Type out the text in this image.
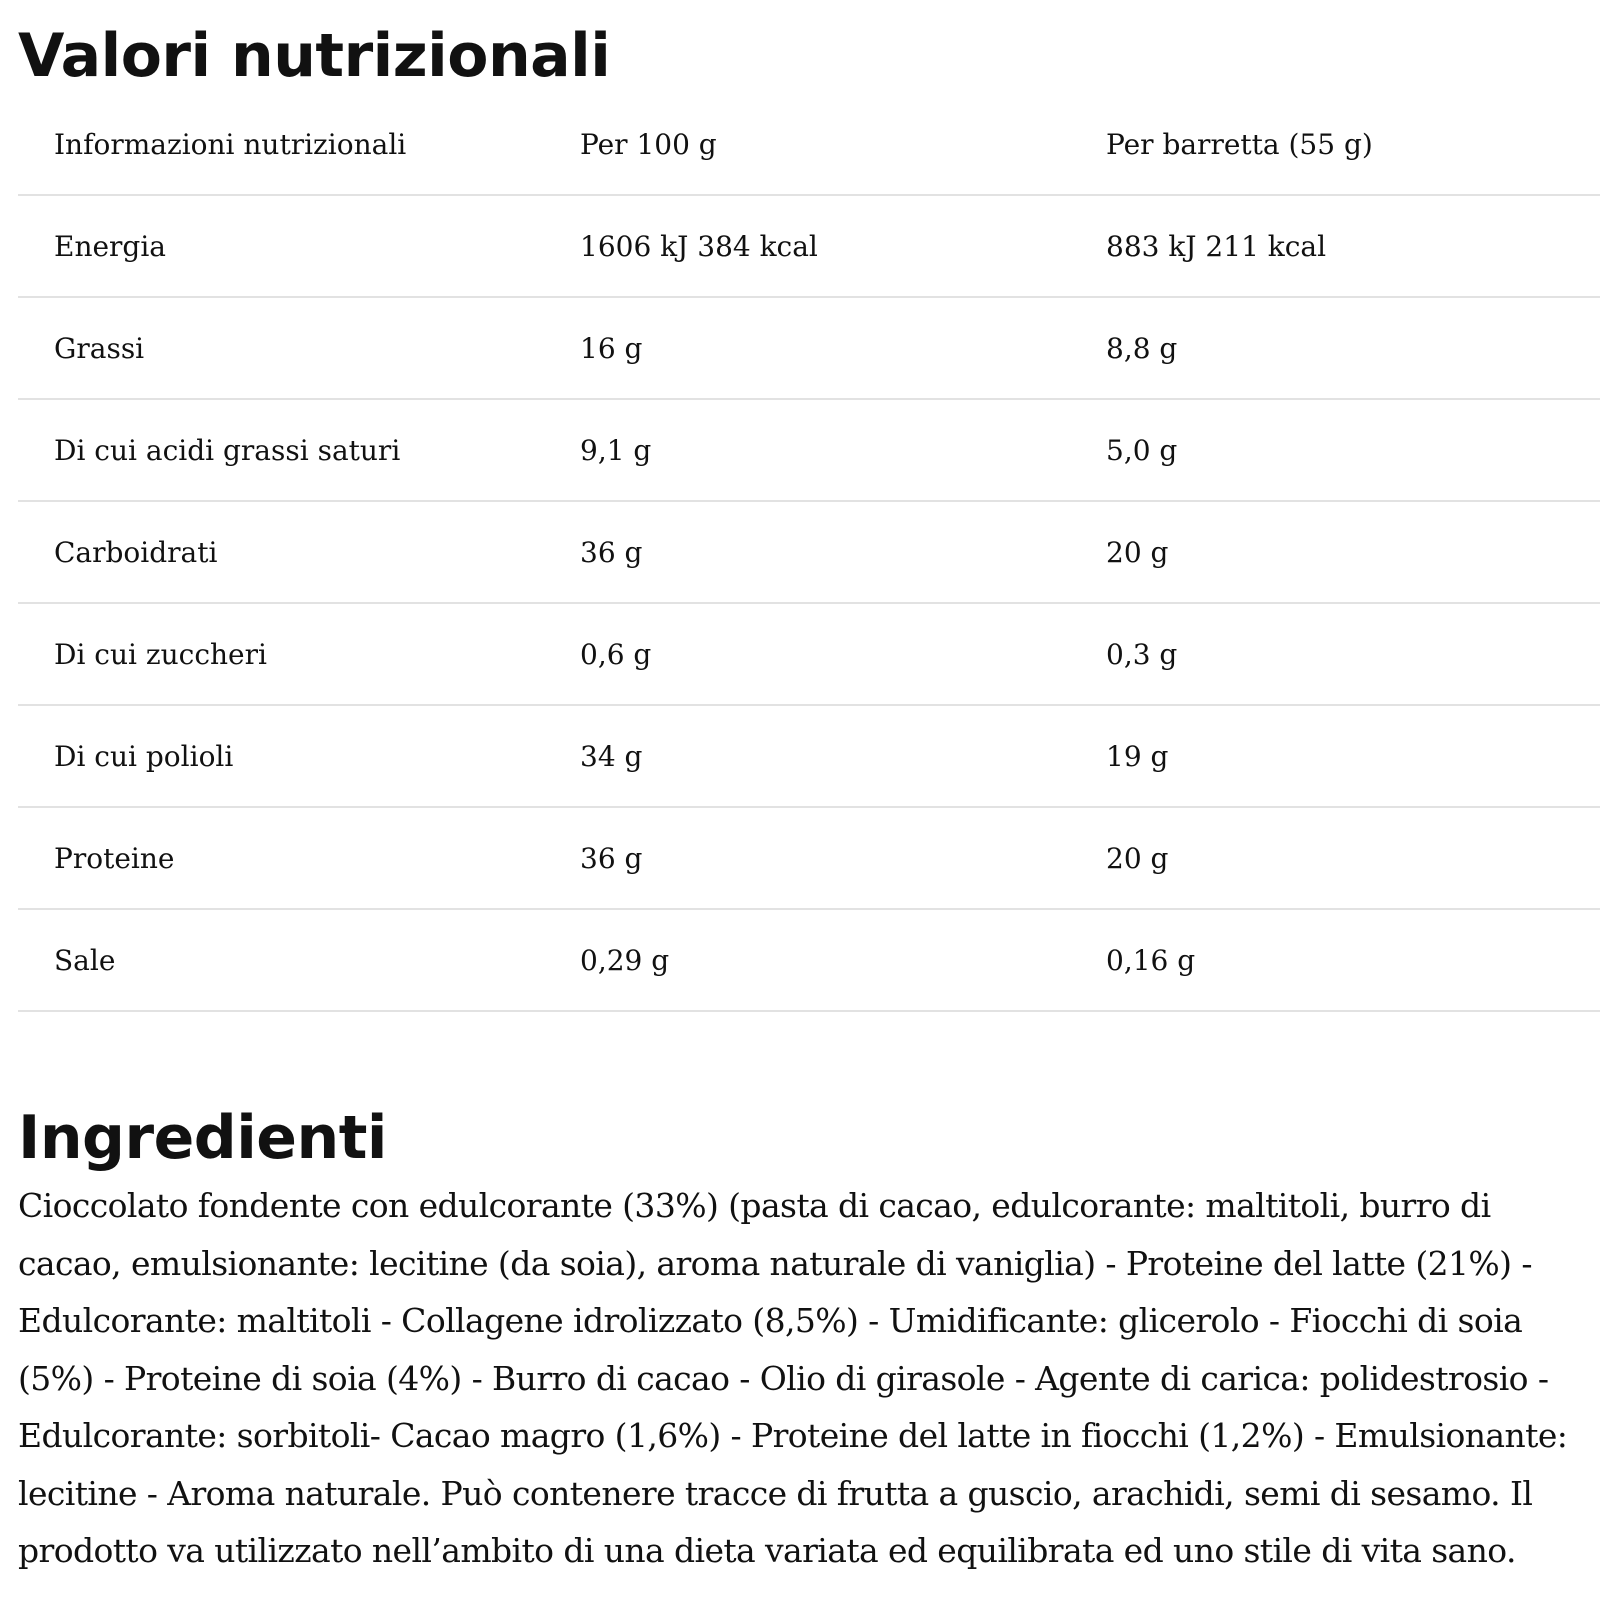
Valori nutrizionali
Informazioni nutrizionali	Per 100 g	Per barretta (55 g)
Energia	1606 kJ 384 kcal	883 kJ 211 kcal
Grassi	16 g	8,8 g
Di cui acidi grassi saturi	9,1 g	5,0 g
Carboidrati	36 g	20 g
Di cui zuccheri	0,6 g	0,3 g
Di cui polioli	34 g	19 g
Proteine	36 g	20 g
Sale	0,29 g	0,16 g
Ingredienti

Cioccolato fondente con edulcorante (33%) (pasta di cacao, edulcorante: maltitoli, burro di cacao, emulsionante: lecitine (da soia), aroma naturale di vaniglia) - Proteine del latte (21%) - Edulcorante: maltitoli - Collagene idrolizzato (8,5%) - Umidificante: glicerolo - Fiocchi di soia (5%) - Proteine di soia (4%) - Burro di cacao - Olio di girasole - Agente di carica: polidestrosio - Edulcorante: sorbitoli- Cacao magro (1,6%) - Proteine del latte in fiocchi (1,2%) - Emulsionante: lecitine - Aroma naturale. Può contenere tracce di frutta a guscio, arachidi, semi di sesamo. Il prodotto va utilizzato nell’ambito di una dieta variata ed equilibrata ed uno stile di vita sano.
